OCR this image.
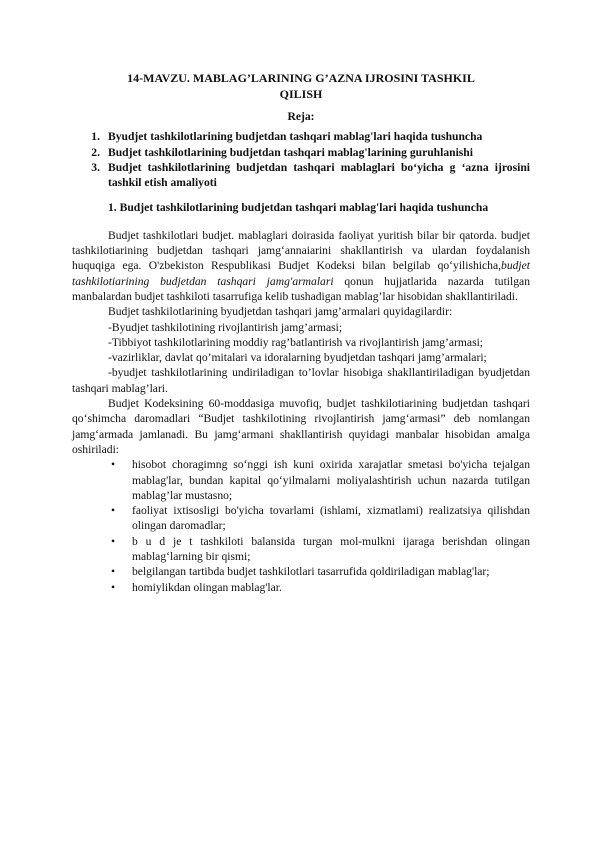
14-MAVZU. MABLAG’LARINING G’AZNA IJROSINI TASHKIL
QILISH
Reja:
1. Byudjet tashkilotlarining budjetdan tashqari mablag'lari haqida tushuncha
2. Budjet tashkilotlarining budjetdan tashqari mablag'larining guruhlanishi
3. Budjet tashkilotlarining budjetdan tashqari mablaglari bo‘yicha g ‘azna ijrosini tashkil etish amaliyoti
1. Budjet tashkilotlarining budjetdan tashqari mablag'lari haqida tushuncha

Budjet tashkilotlari budjet. mablaglari doirasida faoliyat yuritish bilar bir qatorda. budjet tashkilotiarining budjetdan tashqari jamg‘annaiarini shakllantirish va ulardan foydalanish huquqiga ega. O'zbekiston Respublikasi Budjet Kodeksi bilan belgilab qo‘yilishicha,budjet tashkilotiarining budjetdan tashqari jamg'armalari qonun hujjatlarida nazarda tutilgan manbalardan budjet tashkiloti tasarrufiga kelib tushadigan mablag’lar hisobidan shakllantiriladi.

Budjet tashkilotlarining byudjetdan tashqari jamg’armalari quyidagilardir:

-Byudjet tashkilotining rivojlantirish jamg’armasi;

-Tibbiyot tashkilotlarining moddiy rag’batlantirish va rivojlantirish jamg’armasi;

-vazirliklar, davlat qo’mitalari va idoralarning byudjetdan tashqari jamg’armalari;

-byudjet tashkilotlarining undiriladigan to’lovlar hisobiga shakllantiriladigan byudjetdan tashqari mablag’lari.

Budjet Kodeksining 60-moddasiga muvofiq, budjet tashkilotiarining budjetdan tashqari qo‘shimcha daromadlari “Budjet tashkilotining rivojlantirish jamg‘armasi” deb nomlangan jamg‘armada jamlanadi. Bu jamg‘armani shakllantirish quyidagi manbalar hisobidan amalga oshiriladi:

•	hisobot choragimng so‘nggi ish kuni oxirida xarajatlar smetasi bo'yicha tejalgan mablag'lar, bundan kapital qo‘yilmalarni moliyalashtirish uchun nazarda tutilgan mablag’lar mustasno;
•	faoliyat ixtisosligi bo'yicha tovarlami (ishlami, xizmatlami) realizatsiya qilishdan olingan daromadlar;
•	b u d je t tashkiloti balansida turgan mol-mulkni ijaraga berishdan olingan mablag‘larning bir qismi;
•	belgilangan tartibda budjet tashkilotlari tasarrufida qoldiriladigan mablag'lar;
•	homiylikdan olingan mablag'lar.
